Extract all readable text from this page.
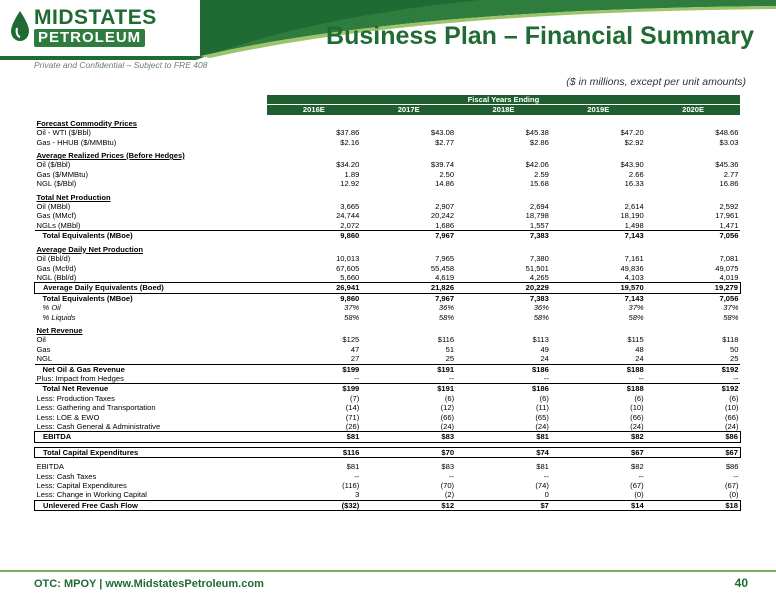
MIDSTATES
PETROLEUM	Business Plan – Financial Summary
Private and Confidential – Subject to FRE 408
($ in millions, except per unit amounts)
	Fiscal Years Ending				
	2016E	2017E	2018E	2019E	2020E

Forecast Commodity Prices					
Oil - WTI ($/Bbl)	$37.86	$43.08	$45.38	$47.20	$48.66
Gas - HHUB ($/MMBtu)	$2.16	$2.77	$2.86	$2.92	$3.03

Average Realized Prices (Before Hedges)					
Oil ($/Bbl)	$34.20	$39.74	$42.06	$43.90	$45.36
Gas ($/MMBtu)	1.89	2.50	2.59	2.66	2.77
NGL ($/Bbl)	12.92	14.86	15.68	16.33	16.86

Total Net Production					
Oil (MBbl)	3,665	2,907	2,694	2,614	2,592
Gas (MMcf)	24,744	20,242	18,798	18,190	17,961
NGLs (MBbl)	2,072	1,686	1,557	1,498	1,471
Total Equivalents (MBoe)	9,860	7,967	7,383	7,143	7,056

Average Daily Net Production					
Oil (Bbl/d)	10,013	7,965	7,380	7,161	7,081
Gas (Mcf/d)	67,605	55,458	51,501	49,836	49,075
NGL (Bbl/d)	5,660	4,619	4,265	4,103	4,019
Average Daily Equivalents (Boed)	26,941	21,826	20,229	19,570	19,279
Total Equivalents (MBoe)	9,860	7,967	7,383	7,143	7,056
% Oil	37%	36%	36%	37%	37%
% Liquids	58%	58%	58%	58%	58%

Net Revenue					
Oil	$125	$116	$113	$115	$118
Gas	47	51	49	48	50
NGL	27	25	24	24	25
Net Oil & Gas Revenue	$199	$191	$186	$188	$192
Plus: Impact from Hedges	--	--	--	--	--
Total Net Revenue	$199	$191	$186	$188	$192
Less: Production Taxes	(7)	(6)	(6)	(6)	(6)
Less: Gathering and Transportation	(14)	(12)	(11)	(10)	(10)
Less: LOE & EWO	(71)	(66)	(65)	(66)	(66)
Less: Cash General & Administrative	(26)	(24)	(24)	(24)	(24)
EBITDA	$81	$83	$81	$82	$86

Total Capital Expenditures	$116	$70	$74	$67	$67

EBITDA	$81	$83	$81	$82	$86
Less: Cash Taxes	--	--	--	--	--
Less: Capital Expenditures	(116)	(70)	(74)	(67)	(67)
Less: Change in Working Capital	3	(2)	0	(0)	(0)
Unlevered Free Cash Flow	($32)	$12	$7	$14	$18
OTC: MPOY | www.MidstatesPetroleum.com	40
